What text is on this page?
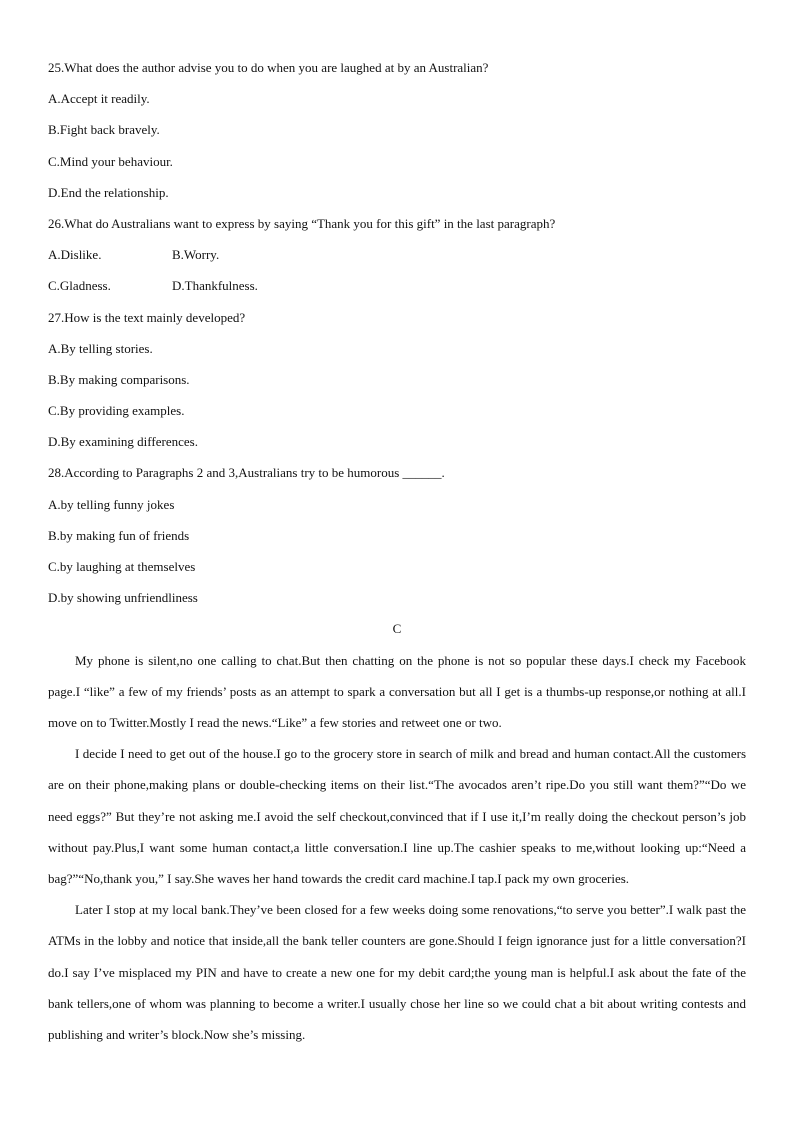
25.What does the author advise you to do when you are laughed at by an Australian?
A.Accept it readily.
B.Fight back bravely.
C.Mind your behaviour.
D.End the relationship.
26.What do Australians want to express by saying “Thank you for this gift” in the last paragraph?
A.Dislike.	B.Worry.
C.Gladness.	D.Thankfulness.
27.How is the text mainly developed?
A.By telling stories.
B.By making comparisons.
C.By providing examples.
D.By examining differences.
28.According to Paragraphs 2 and 3,Australians try to be humorous ______.
A.by telling funny jokes
B.by making fun of friends
C.by laughing at themselves
D.by showing unfriendliness
C

My phone is silent,no one calling to chat.But then chatting on the phone is not so popular these days.I check my Facebook page.I “like” a few of my friends’ posts as an attempt to spark a conversation but all I get is a thumbs-up response,or nothing at all.I move on to Twitter.Mostly I read the news.“Like” a few stories and retweet one or two.

I decide I need to get out of the house.I go to the grocery store in search of milk and bread and human contact.All the customers are on their phone,making plans or double-checking items on their list.“The avocados aren’t ripe.Do you still want them?”“Do we need eggs?” But they’re not asking me.I avoid the self checkout,convinced that if I use it,I’m really doing the checkout person’s job without pay.Plus,I want some human contact,a little conversation.I line up.The cashier speaks to me,without looking up:“Need a bag?”“No,thank you,” I say.She waves her hand towards the credit card machine.I tap.I pack my own groceries.

Later I stop at my local bank.They’ve been closed for a few weeks doing some renovations,“to serve you better”.I walk past the ATMs in the lobby and notice that inside,all the bank teller counters are gone.Should I feign ignorance just for a little conversation?I do.I say I’ve misplaced my PIN and have to create a new one for my debit card;the young man is helpful.I ask about the fate of the bank tellers,one of whom was planning to become a writer.I usually chose her line so we could chat a bit about writing contests and publishing and writer’s block.Now she’s missing.
